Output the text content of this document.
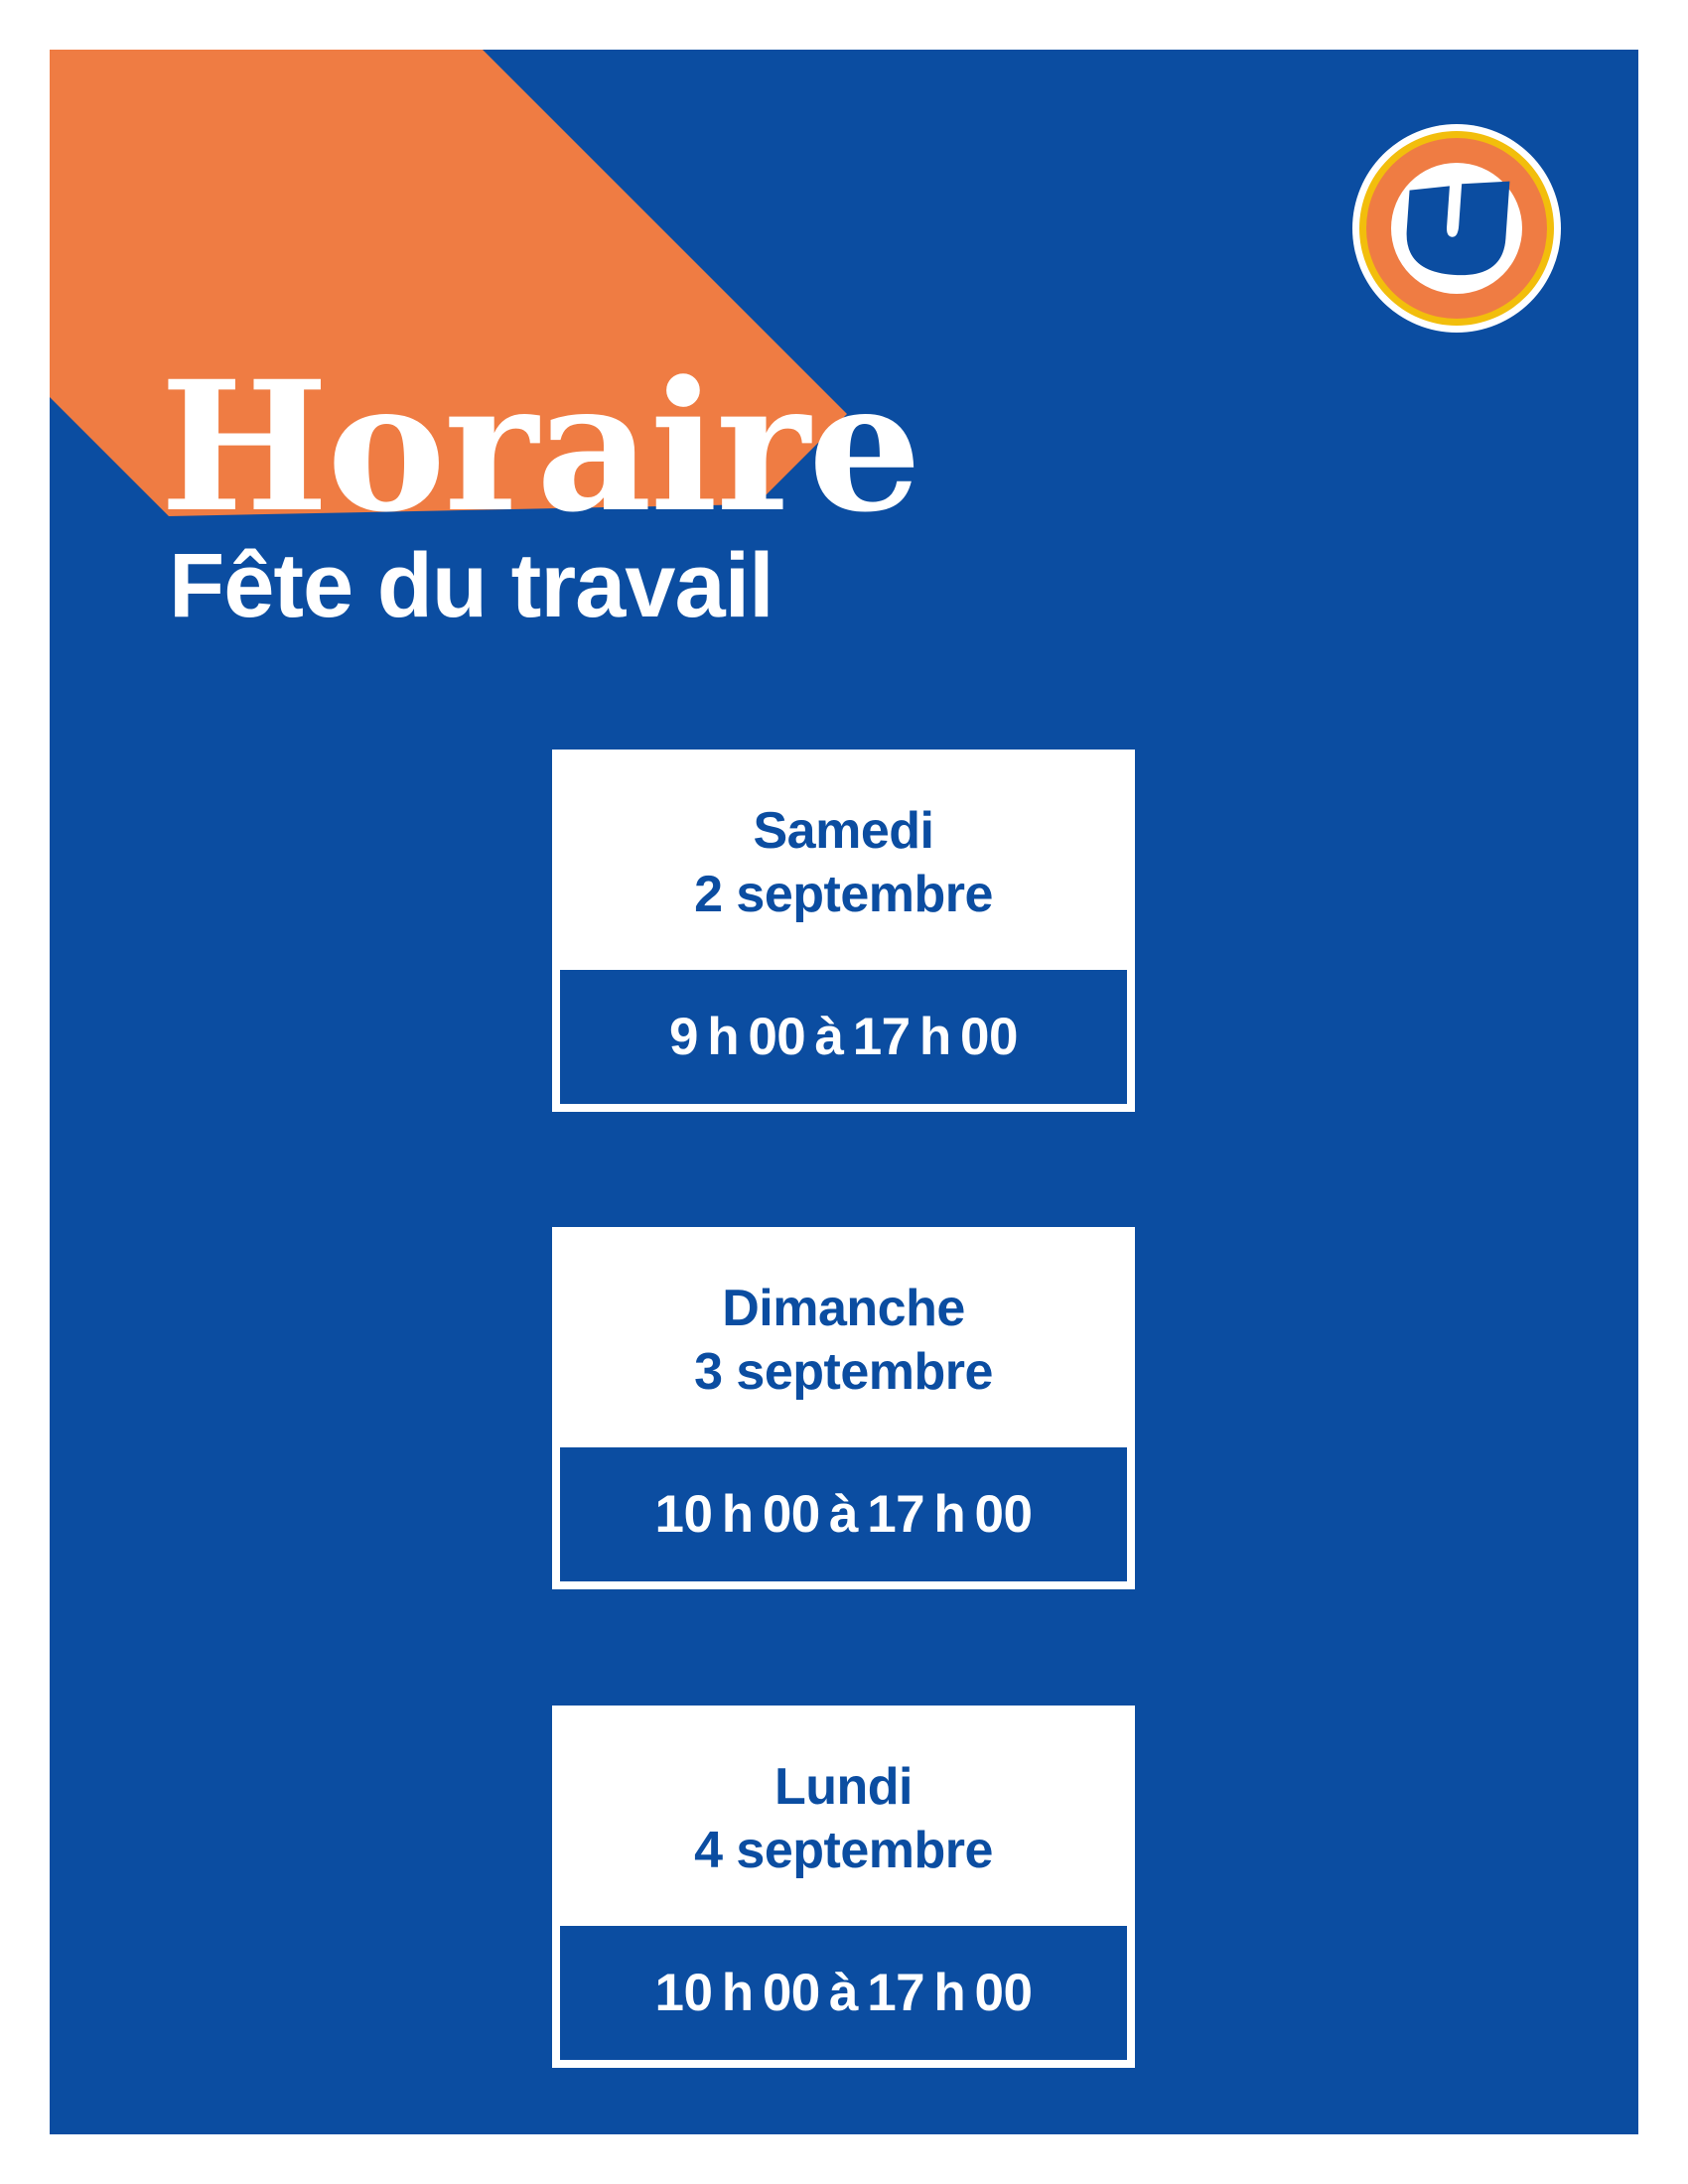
Horaire
Fête du travail
Samedi
2 septembre
9 h 00 à 17 h 00
Dimanche
3 septembre
10 h 00 à 17 h 00
Lundi
4 septembre
10 h 00 à 17 h 00
